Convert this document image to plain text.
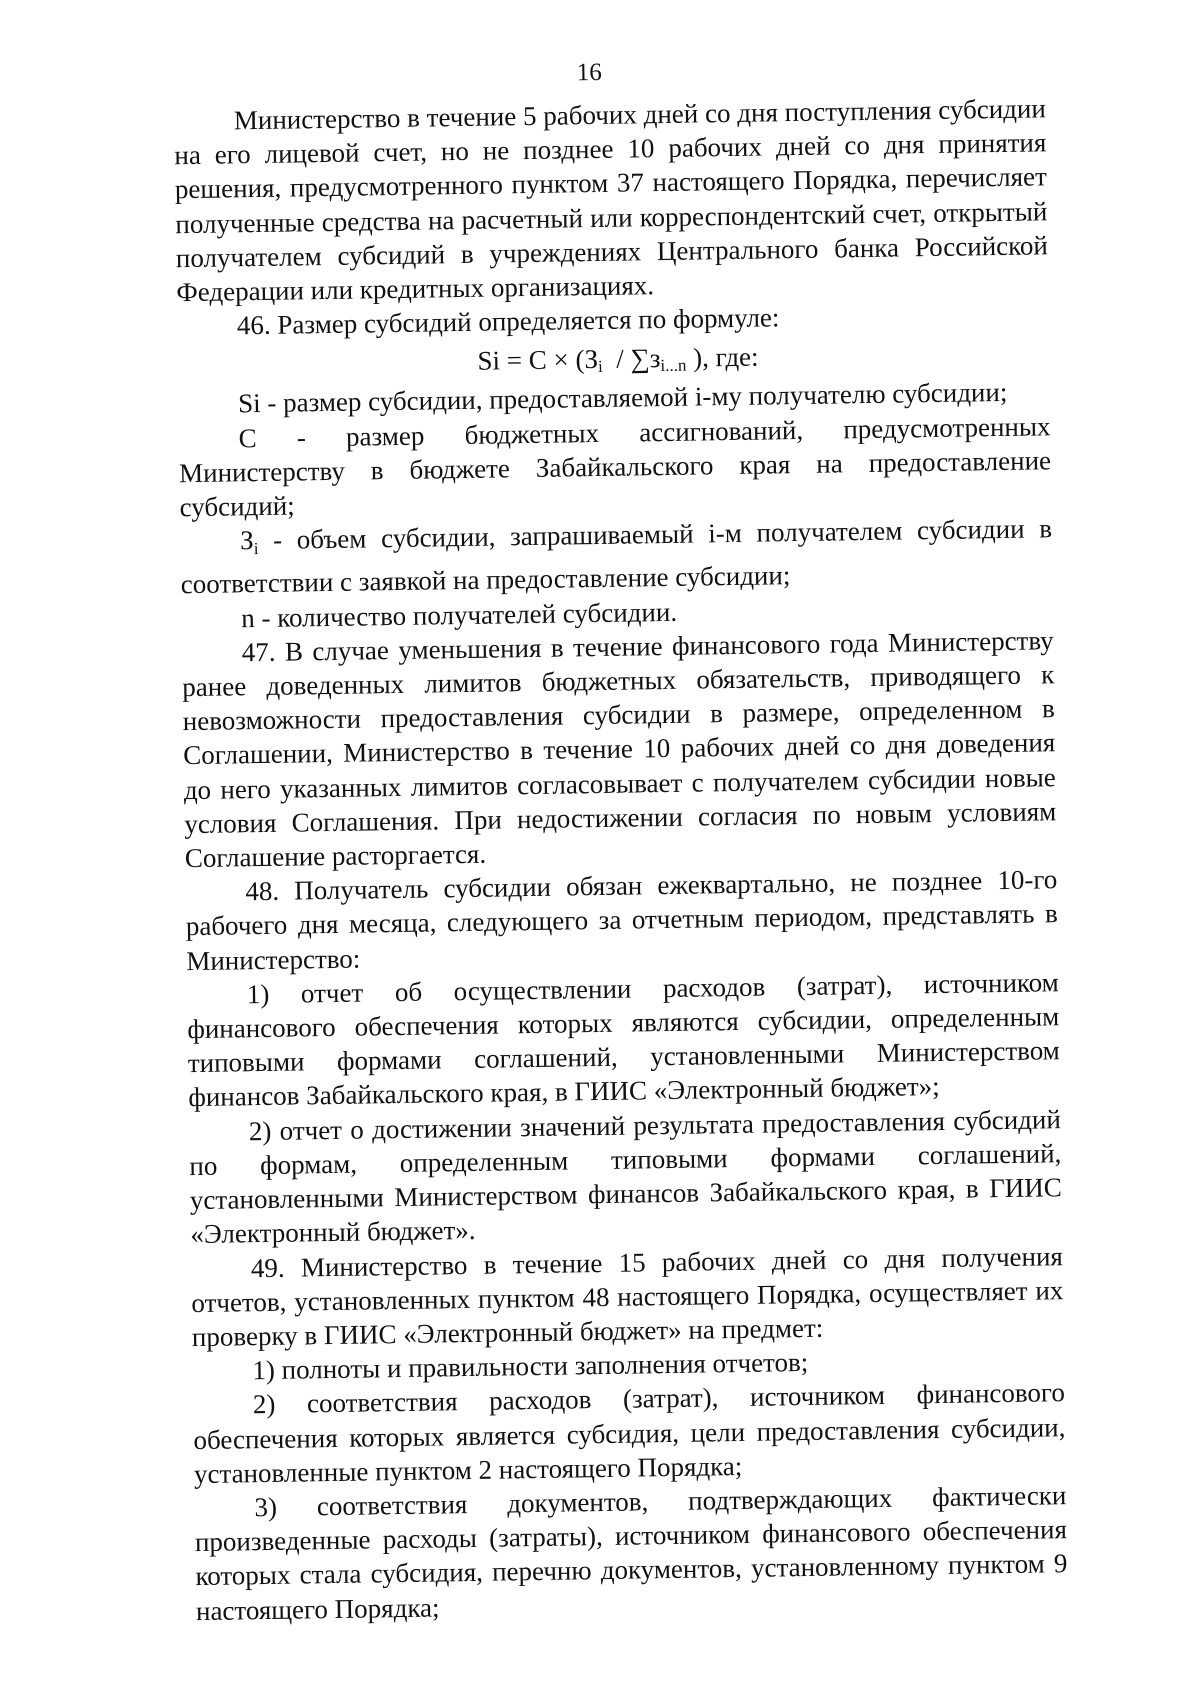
16

Министерство в течение 5 рабочих дней со дня поступления субсидии на его лицевой счет, но не позднее 10 рабочих дней со дня принятия решения, предусмотренного пунктом 37 настоящего Порядка, перечисляет полученные средства на расчетный или корреспондентский счет, открытый получателем субсидий в учреждениях Центрального банка Российской Федерации или кредитных организациях.

46. Размер субсидий определяется по формуле:

$Si = C \times (З_i / \sum з_{i...n}$ ), где:

Si - размер субсидии, предоставляемой i-му получателю субсидии;

С - размер бюджетных ассигнований, предусмотренных Министерству в бюджете Забайкальского края на предоставление субсидий;

Зi - объем субсидии, запрашиваемый i-м получателем субсидии в соответствии с заявкой на предоставление субсидии;

n - количество получателей субсидии.

47. В случае уменьшения в течение финансового года Министерству ранее доведенных лимитов бюджетных обязательств, приводящего к невозможности предоставления субсидии в размере, определенном в Соглашении, Министерство в течение 10 рабочих дней со дня доведения до него указанных лимитов согласовывает с получателем субсидии новые условия Соглашения. При недостижении согласия по новым условиям Соглашение расторгается.

48. Получатель субсидии обязан ежеквартально, не позднее 10-го рабочего дня месяца, следующего за отчетным периодом, представлять в Министерство:

1) отчет об осуществлении расходов (затрат), источником финансового обеспечения которых являются субсидии, определенным типовыми формами соглашений, установленными Министерством финансов Забайкальского края, в ГИИС «Электронный бюджет»;

2) отчет о достижении значений результата предоставления субсидий по формам, определенным типовыми формами соглашений, установленными Министерством финансов Забайкальского края, в ГИИС «Электронный бюджет».

49. Министерство в течение 15 рабочих дней со дня получения отчетов, установленных пунктом 48 настоящего Порядка, осуществляет их проверку в ГИИС «Электронный бюджет» на предмет:

1) полноты и правильности заполнения отчетов;

2) соответствия расходов (затрат), источником финансового обеспечения которых является субсидия, цели предоставления субсидии, установленные пунктом 2 настоящего Порядка;

3) соответствия документов, подтверждающих фактически произведенные расходы (затраты), источником финансового обеспечения которых стала субсидия, перечню документов, установленному пунктом 9 настоящего Порядка;
